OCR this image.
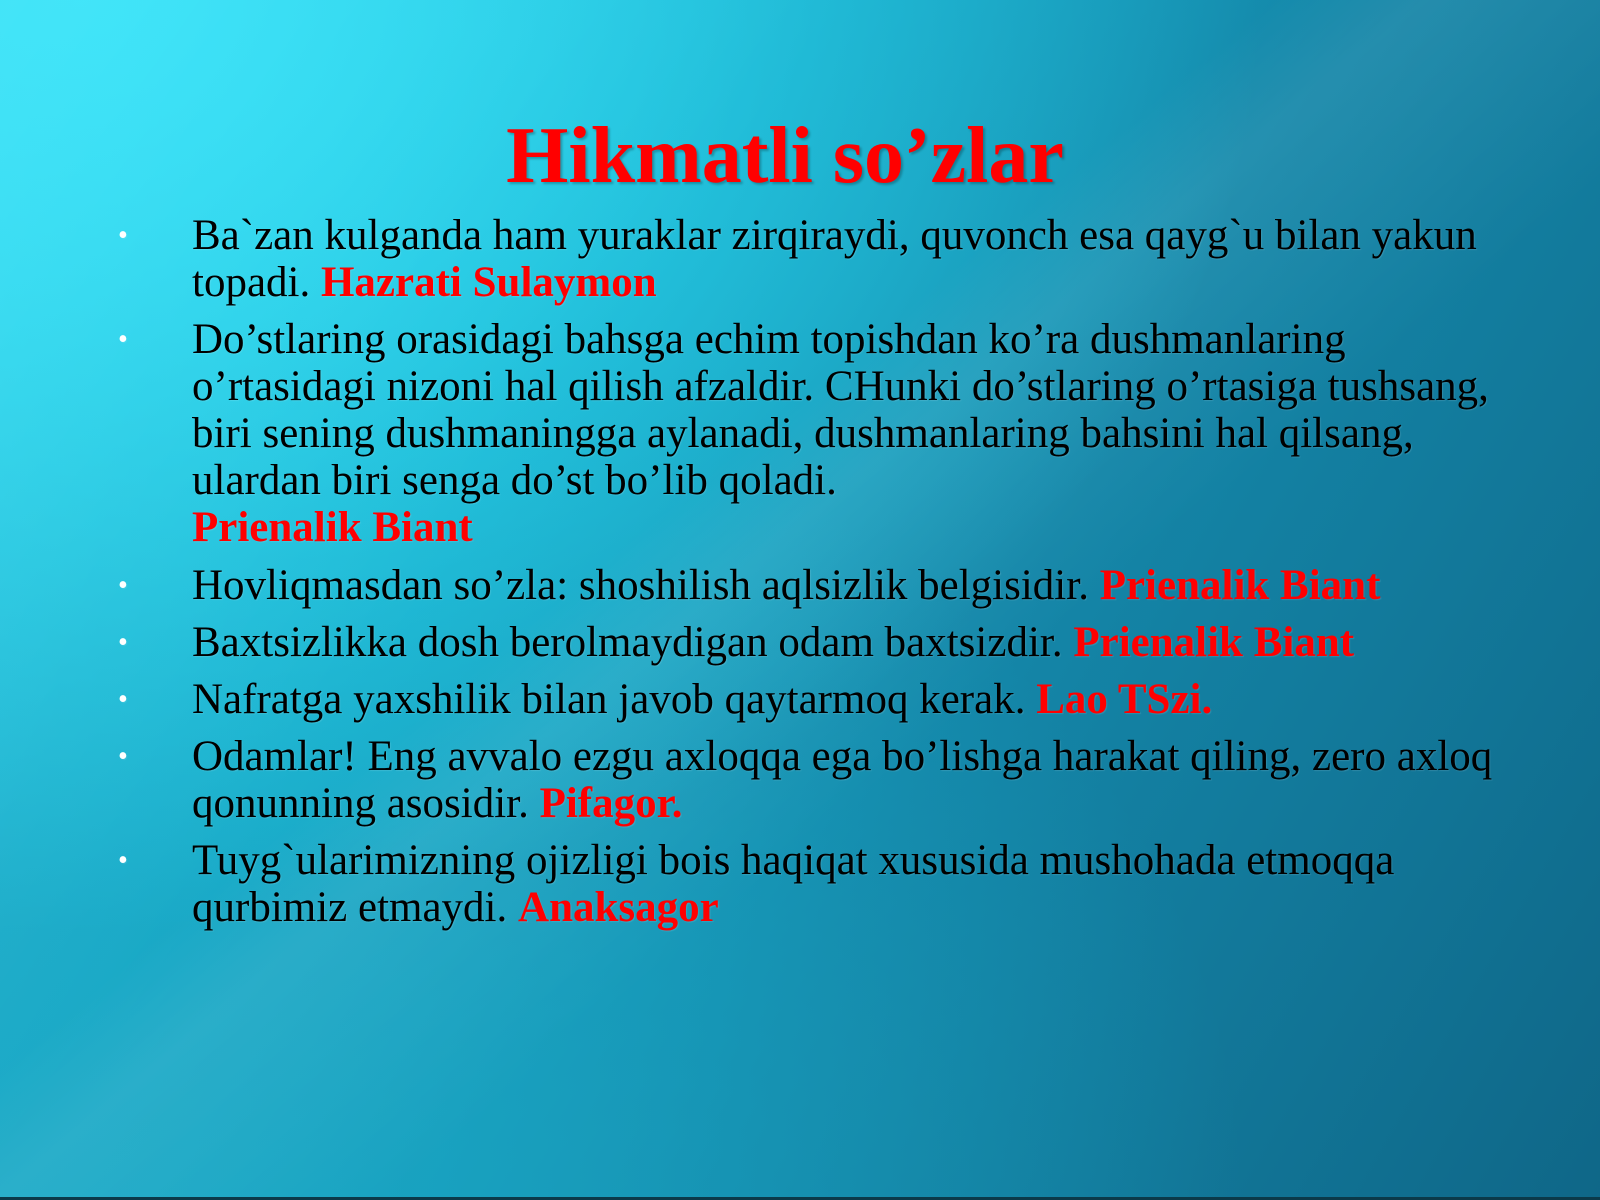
Hikmatli so’zlar
• Ba`zan kulganda ham yuraklar zirqiraydi, quvonch esa qayg`u bilan yakun topadi. Hazrati Sulaymon
• Do’stlaring orasidagi bahsga echim topishdan ko’ra dushmanlaring o’rtasidagi nizoni hal qilish afzaldir. CHunki do’stlaring o’rtasiga tushsang, biri sening dushmaningga aylanadi, dushmanlaring bahsini hal qilsang, ulardan biri senga do’st bo’lib qoladi.
Prienalik Biant
• Hovliqmasdan so’zla: shoshilish aqlsizlik belgisidir. Prienalik Biant
• Baxtsizlikka dosh berolmaydigan odam baxtsizdir. Prienalik Biant
• Nafratga yaxshilik bilan javob qaytarmoq kerak. Lao TSzi.
• Odamlar! Eng avvalo ezgu axloqqa ega bo’lishga harakat qiling, zero axloq qonunning asosidir. Pifagor.
• Tuyg`ularimizning ojizligi bois haqiqat xususida mushohada etmoqqa qurbimiz etmaydi. Anaksagor
